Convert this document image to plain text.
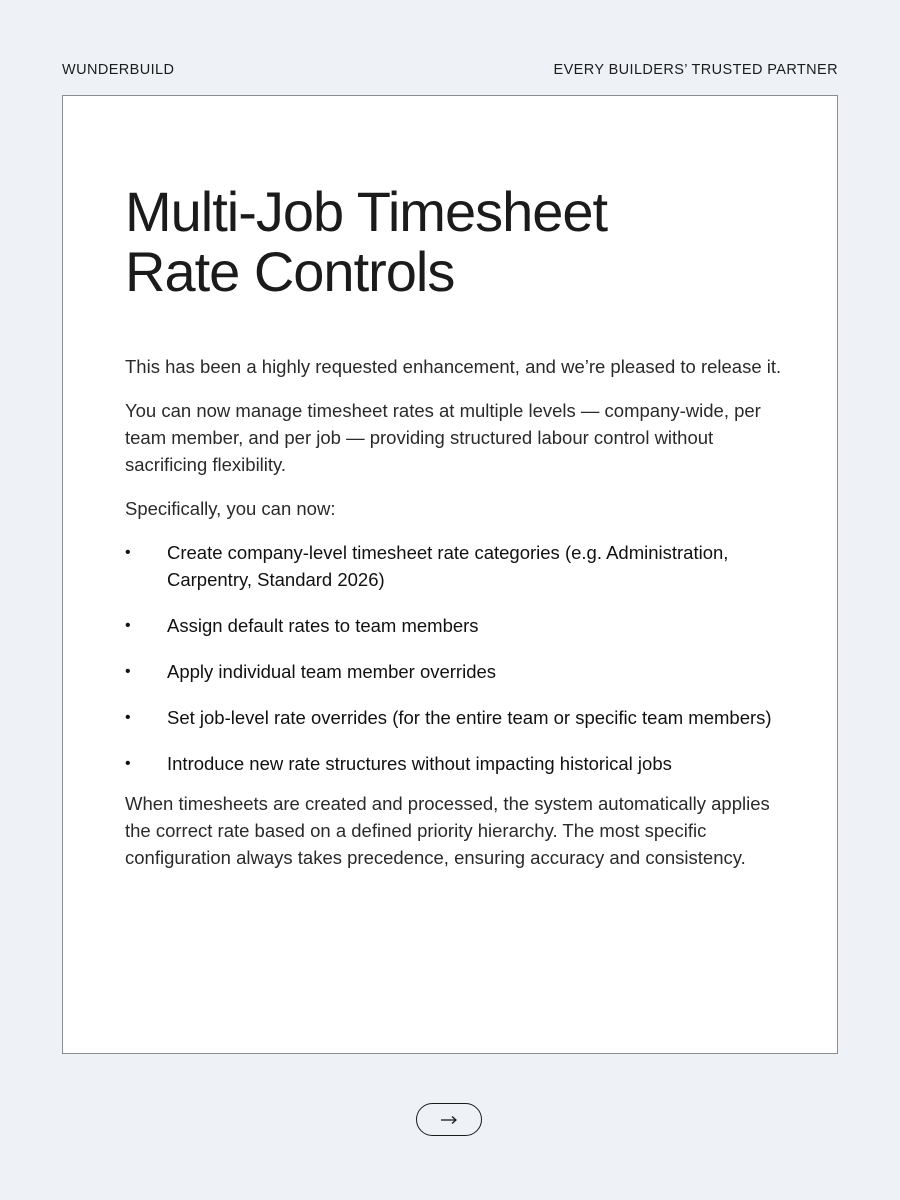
WUNDERBUILD	EVERY BUILDERS’ TRUSTED PARTNER
Multi-Job Timesheet
Rate Controls

This has been a highly requested enhancement, and we’re pleased to release it.

You can now manage timesheet rates at multiple levels — company-wide, per team member, and per job — providing structured labour control without sacrificing flexibility.

Specifically, you can now:

• Create company-level timesheet rate categories (e.g. Administration, Carpentry, Standard 2026)
• Assign default rates to team members
• Apply individual team member overrides
• Set job-level rate overrides (for the entire team or specific team members)
• Introduce new rate structures without impacting historical jobs

When timesheets are created and processed, the system automatically applies the correct rate based on a defined priority hierarchy. The most specific configuration always takes precedence, ensuring accuracy and consistency.
